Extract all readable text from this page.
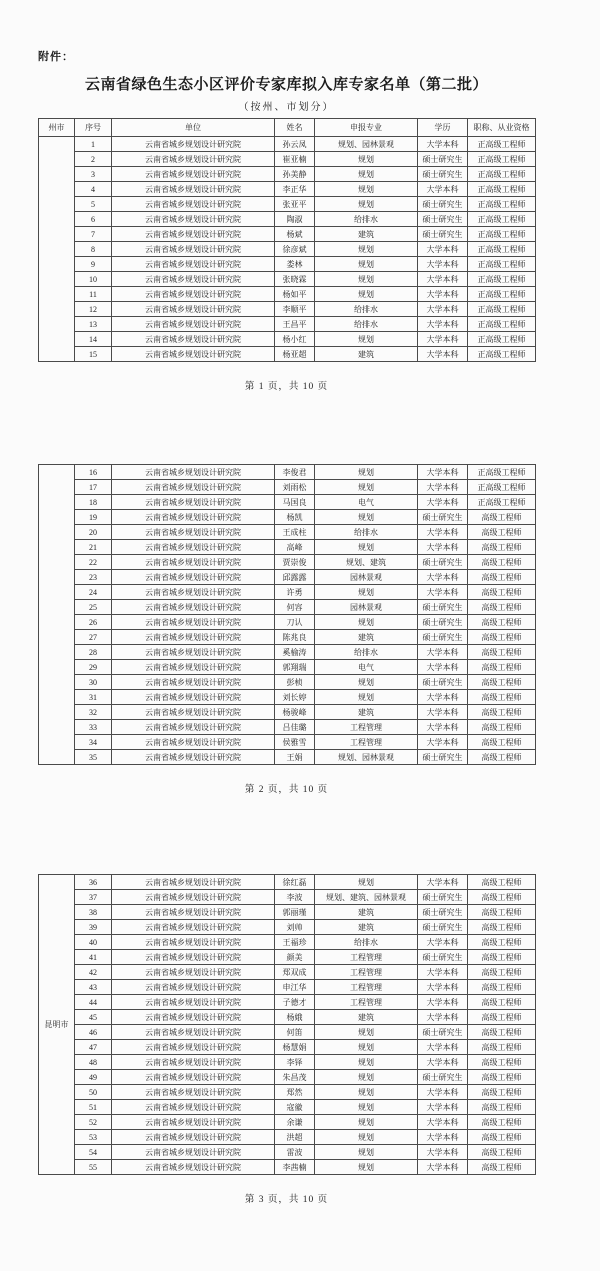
附件：
云南省绿色生态小区评价专家库拟入库专家名单（第二批）
（按州、市划分）
州市	序号	单位	姓名	申报专业	学历	职称、从业资格
	1	云南省城乡规划设计研究院	孙云凤	规划、园林景观	大学本科	正高级工程师
	2	云南省城乡规划设计研究院	崔亚楠	规划	硕士研究生	正高级工程师
	3	云南省城乡规划设计研究院	孙美静	规划	硕士研究生	正高级工程师
	4	云南省城乡规划设计研究院	李正华	规划	大学本科	正高级工程师
	5	云南省城乡规划设计研究院	张亚平	规划	硕士研究生	正高级工程师
	6	云南省城乡规划设计研究院	陶淑	给排水	硕士研究生	正高级工程师
	7	云南省城乡规划设计研究院	杨斌	建筑	硕士研究生	正高级工程师
	8	云南省城乡规划设计研究院	徐彦斌	规划	大学本科	正高级工程师
	9	云南省城乡规划设计研究院	娄林	规划	大学本科	正高级工程师
	10	云南省城乡规划设计研究院	张晓霖	规划	大学本科	正高级工程师
	11	云南省城乡规划设计研究院	杨如平	规划	大学本科	正高级工程师
	12	云南省城乡规划设计研究院	李顺平	给排水	大学本科	正高级工程师
	13	云南省城乡规划设计研究院	王昌平	给排水	大学本科	正高级工程师
	14	云南省城乡规划设计研究院	杨小红	规划	大学本科	正高级工程师
	15	云南省城乡规划设计研究院	杨亚超	建筑	大学本科	正高级工程师
第 1 页，共 10 页
	16	云南省城乡规划设计研究院	李俊君	规划	大学本科	正高级工程师
	17	云南省城乡规划设计研究院	刘雨松	规划	大学本科	正高级工程师
	18	云南省城乡规划设计研究院	马国良	电气	大学本科	正高级工程师
	19	云南省城乡规划设计研究院	杨凯	规划	硕士研究生	高级工程师
	20	云南省城乡规划设计研究院	王成柱	给排水	大学本科	高级工程师
	21	云南省城乡规划设计研究院	高峰	规划	大学本科	高级工程师
	22	云南省城乡规划设计研究院	贾崇俊	规划、建筑	硕士研究生	高级工程师
	23	云南省城乡规划设计研究院	邱露露	园林景观	大学本科	高级工程师
	24	云南省城乡规划设计研究院	许勇	规划	大学本科	高级工程师
	25	云南省城乡规划设计研究院	何容	园林景观	硕士研究生	高级工程师
	26	云南省城乡规划设计研究院	刀认	规划	硕士研究生	高级工程师
	27	云南省城乡规划设计研究院	陈兆良	建筑	硕士研究生	高级工程师
	28	云南省城乡规划设计研究院	奚榆涛	给排水	大学本科	高级工程师
	29	云南省城乡规划设计研究院	郭翔瑞	电气	大学本科	高级工程师
	30	云南省城乡规划设计研究院	彭桢	规划	硕士研究生	高级工程师
	31	云南省城乡规划设计研究院	刘长婷	规划	大学本科	高级工程师
	32	云南省城乡规划设计研究院	杨骏峰	建筑	大学本科	高级工程师
	33	云南省城乡规划设计研究院	吕佳璐	工程管理	大学本科	高级工程师
	34	云南省城乡规划设计研究院	侯雅雪	工程管理	大学本科	高级工程师
	35	云南省城乡规划设计研究院	王娟	规划、园林景观	硕士研究生	高级工程师
第 2 页，共 10 页
昆明市	36	云南省城乡规划设计研究院	徐红磊	规划	大学本科	高级工程师
	37	云南省城乡规划设计研究院	李波	规划、建筑、园林景观	硕士研究生	高级工程师
	38	云南省城乡规划设计研究院	郭丽瑾	建筑	硕士研究生	高级工程师
	39	云南省城乡规划设计研究院	刘帅	建筑	硕士研究生	高级工程师
	40	云南省城乡规划设计研究院	王福珍	给排水	大学本科	高级工程师
	41	云南省城乡规划设计研究院	颜美	工程管理	硕士研究生	高级工程师
	42	云南省城乡规划设计研究院	郑双成	工程管理	大学本科	高级工程师
	43	云南省城乡规划设计研究院	申江华	工程管理	大学本科	高级工程师
	44	云南省城乡规划设计研究院	子德才	工程管理	大学本科	高级工程师
	45	云南省城乡规划设计研究院	杨娥	建筑	大学本科	高级工程师
	46	云南省城乡规划设计研究院	何笛	规划	硕士研究生	高级工程师
	47	云南省城乡规划设计研究院	杨慧娟	规划	大学本科	高级工程师
	48	云南省城乡规划设计研究院	李铎	规划	大学本科	高级工程师
	49	云南省城乡规划设计研究院	朱昌茂	规划	硕士研究生	高级工程师
	50	云南省城乡规划设计研究院	郑然	规划	大学本科	高级工程师
	51	云南省城乡规划设计研究院	寇徽	规划	大学本科	高级工程师
	52	云南省城乡规划设计研究院	余谦	规划	大学本科	高级工程师
	53	云南省城乡规划设计研究院	洪超	规划	大学本科	高级工程师
	54	云南省城乡规划设计研究院	雷波	规划	大学本科	高级工程师
	55	云南省城乡规划设计研究院	李茜楠	规划	大学本科	高级工程师
第 3 页，共 10 页
